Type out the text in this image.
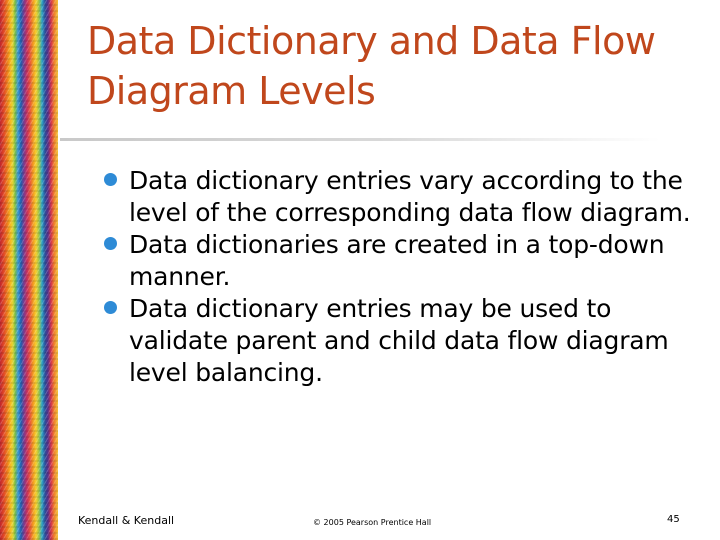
Data Dictionary and Data Flow Diagram Levels
Data dictionary entries vary according to the level of the corresponding data flow diagram.
Data dictionaries are created in a top-down manner.
Data dictionary entries may be used to validate parent and child data flow diagram level balancing.
Kendall & Kendall	© 2005 Pearson Prentice Hall	45
